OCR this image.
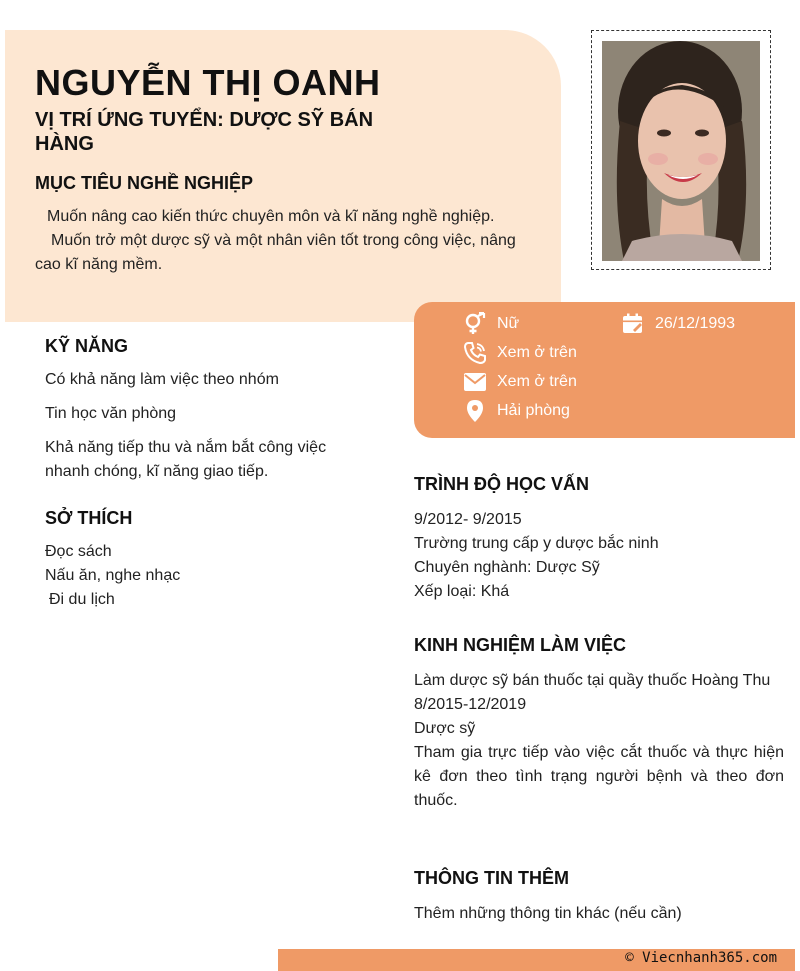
NGUYỄN THỊ OANH
VỊ TRÍ ỨNG TUYỂN: DƯỢC SỸ BÁN HÀNG
MỤC TIÊU NGHỀ NGHIỆP
Muốn nâng cao kiến thức chuyên môn và kĩ năng nghề nghiệp.
Muốn trở một dược sỹ và một nhân viên tốt trong công việc, nâng cao kĩ năng mềm.
Nữ	26/12/1993
Xem ở trên
Xem ở trên
Hải phòng
KỸ NĂNG
Có khả năng làm việc theo nhóm
Tin học văn phòng
Khả năng tiếp thu và nắm bắt công việc nhanh chóng, kĩ năng giao tiếp.
SỞ THÍCH
Đọc sách
Nấu ăn, nghe nhạc
Đi du lịch
TRÌNH ĐỘ HỌC VẤN
9/2012- 9/2015
Trường trung cấp y dược bắc ninh
Chuyên nghành: Dược Sỹ
Xếp loại: Khá
KINH NGHIỆM LÀM VIỆC
Làm dược sỹ bán thuốc tại quầy thuốc Hoàng Thu
8/2015-12/2019
Dược sỹ
Tham gia trực tiếp vào việc cắt thuốc và thực hiện kê đơn theo tình trạng người bệnh và theo đơn thuốc.
THÔNG TIN THÊM
Thêm những thông tin khác (nếu cần)
© Viecnhanh365.com
